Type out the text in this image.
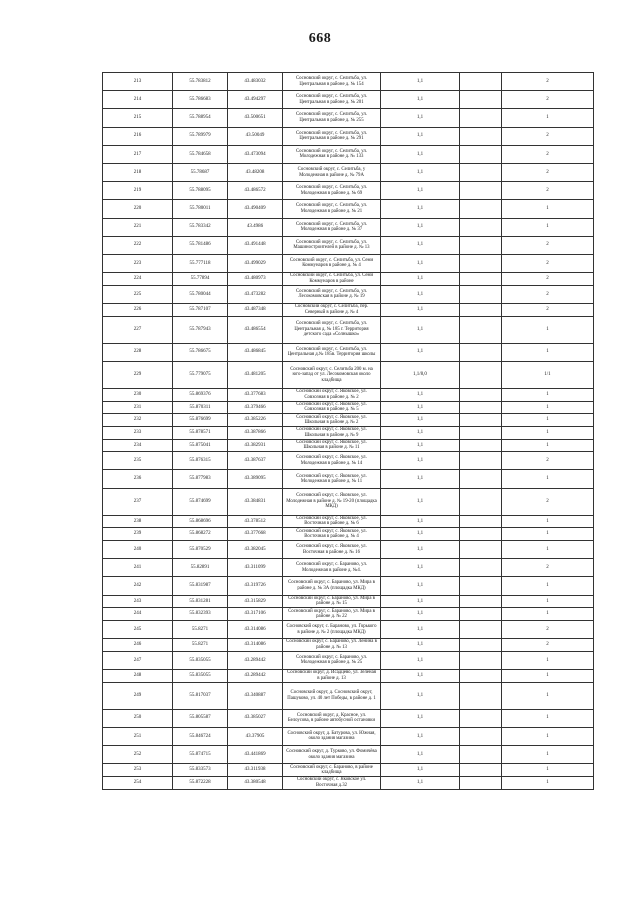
668
213	55.783812	43.483032	Сосновский округ, с. Селитьба, ул. Центральная в районе д. № 154	1,1		2
214	55.786683	43.494297	Сосновский округ, с. Селитьба, ул. Центральная в районе д. № 201	1,1		2
215	55.788954	43.500651	Сосновский округ, с. Селитьба, ул. Центральная в районе д. № 255	1,1		1
216	55.789979	43.50049	Сосновский округ, с. Селитьба, ул. Центральная в районе д. № 291	1,1		2
217	55.784658	43.473094	Сосновский округ, с. Селитьба, ул. Молодежная в районе д. № 133	1,1		2
218	55.78687	43.48208	Сосновский округ, с. Селитьба, у Молодежная в районе д. № 79А	1,1		2
219	55.788095	43.486572	Сосновский округ, с. Селитьба, ул. Молодежная в районе д. № 69	1,1		2
220	55.780011	43.490409	Сосновский округ, с. Селитьба, ул. Молодежная в районе д. № 21	1,1		1
221	55.783342	43.4986	Сосновский округ, с. Селитьба, ул. Молодежная в районе д. № 37	1,1		1
222	55.781486	43.491448	Сосновский округ, с. Селитьба, ул. Машиностроителей в районе д. № 13	1,1		2
223	55.777118	43.499029	Сосновский округ, с. Селитьба, ул. Семи Коммунаров в районе д. № 4	1,1		2
224	55.77894	43.480973	Сосновский округ, с. Селитьба, ул. Семи Коммунаров в районе	1,1		2
225	55.780044	43.473282	Сосновский округ, с. Селитьба, ул. Лесокомовская в районе д. № 19	1,1		2
226	55.787107	43.487348	Сосновский округ, с. Селитьба, пер. Северный в районе д. № 4	1,1		2
227	55.787943	43.486554	Сосновский округ, с. Селитьба, ул. Центральная д. № 185 г. Территория детского сада «Солнышко»	1,1		1
228	55.786675	43.486845	Сосновский округ, с. Селитьба, ул. Центральная д.№ 185в. Территория школы	1,1		1
229	55.779075	43.481205	Сосновский округ, с. Селитьба 200 м. на юго-запад от ул. Лесокомовская около кладбища	1,1/8,0		1/1
230	55.869376	43.377683	Сосновский округ, с. Яковское, ул. Совхозная в районе д. № 2	1,1		1
231	55.870311	43.379466	Сосновский округ, с. Яковское, ул. Совхозная в районе д. № 5	1,1		1
232	55.876699	43.385226	Сосновский округ, с. Яковское, ул. Школьная в районе д. № 2	1,1		1
233	55.878571	43.387866	Сосновский округ, с. Яковское, ул. Школьная в районе д. № 9	1,1		1
234	55.875041	43.382931	Сосновский округ, с. Яковское, ул. Школьная в районе д. № 11	1,1		1
235	55.876315	43.387637	Сосновский округ, с. Яковское, ул. Молодежная в районе д. № 14	1,1		2
236	55.877983	43.389095	Сосновский округ, с. Яковское, ул. Молодежная в районе д. № 11	1,1		1
237	55.874699	43.384831	Сосновский округ, с. Яковское, ул. Молодежная в районе д. № 19-20 (площадка МКД)	1,1		2
238	55.868696	43.378512	Сосновский округ, с. Яковское, ул. Восточная в районе д. № 6	1,1		1
239	55.868272	43.377668	Сосновский округ, с. Яковское, ул. Восточная в районе д. № 4	1,1		1
240	55.870529	43.382045	Сосновский округ, с. Яковское, ул. Восточная в районе д. № 16	1,1		1
241	55.82891	43.311099	Сосновский округ, с. Бараново, ул. Молодежная в районе д. №4.	1,1		2
242	55.831987	43.319726	Сосновский округ, с. Бараново, ул. Мира в районе д. № 3А (площадка МКД)	1,1		1
243	55.831281	43.315829	Сосновский округ, с. Бараново, ул. Мира в районе д. № 15	1,1		1
244	55.832393	43.317106	Сосновский округ, с. Бараново, ул. Мира в районе д. № 22	1,1		1
245	55.8271	43.314086	Сосновский округ, с. Бараново, ул. Горького в районе д. № 2 (площадка МКД)	1,1		2
246	55.8271	43.314086	Сосновский округ, с. Бараново, ул. Ленина в районе д. № 13	1,1		2
247	55.835055	43.289442	Сосновский округ, с. Бараново, ул. Молодежная в районе д. № 25	1,1		1
248	55.835055	43.289442	Сосновский округ, д. Исадцево, ул. Зеленая в районе д. 13	1,1		1
249	55.817037	43.340887	Сосновский округ, д. Сосновский округ, Пашуково, ул. 40 лет Победы, в районе д. 1	1,1		1
250	55.805587	43.385027	Сосновский округ, д. Красное, ул. Белоусова, в районе автобусной остановки	1,1		1
251	55.846724	43.37905	Сосновский округ, д. Батурова, ул. Южная, около здания магазина	1,1		1
252	55.874715	43.441869	Сосновский округ, д. Турково, ул. Фомичёва около здания магазина	1,1		1
253	55.833573	43.311938	Сосновский округ, с. Бараново, в районе кладбища	1,1		1
254	55.872228	43.380548	Сосновский округ, с. Яковское ул. Восточная д.32	1,1		1
